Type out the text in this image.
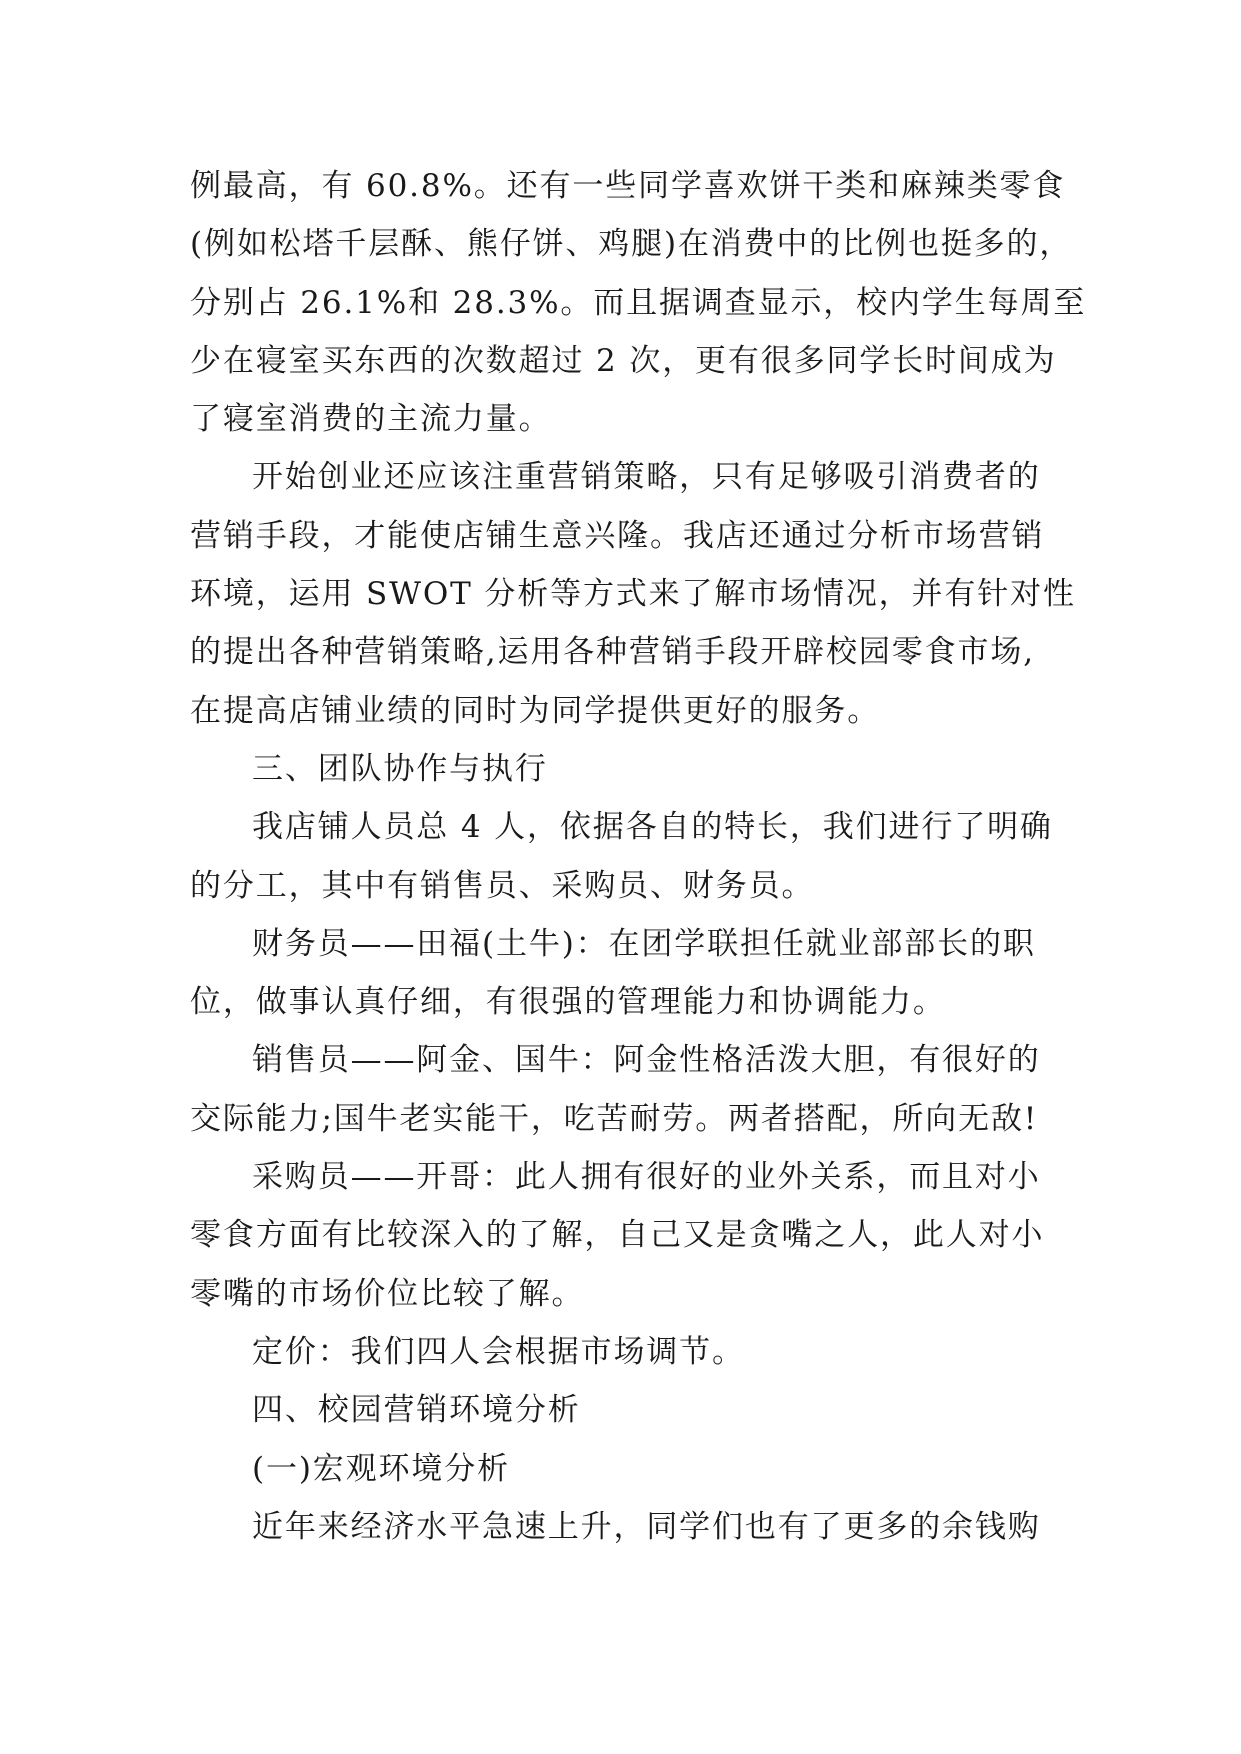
例最高，有 60.8%。还有一些同学喜欢饼干类和麻辣类零食
(例如松塔千层酥、熊仔饼、鸡腿)在消费中的比例也挺多的，
分别占 26.1%和 28.3%。而且据调查显示，校内学生每周至
少在寝室买东西的次数超过 2 次，更有很多同学长时间成为
了寝室消费的主流力量。
开始创业还应该注重营销策略，只有足够吸引消费者的
营销手段，才能使店铺生意兴隆。我店还通过分析市场营销
环境，运用 SWOT 分析等方式来了解市场情况，并有针对性
的提出各种营销策略,运用各种营销手段开辟校园零食市场,
在提高店铺业绩的同时为同学提供更好的服务。
三、团队协作与执行
我店铺人员总 4 人，依据各自的特长，我们进行了明确
的分工，其中有销售员、采购员、财务员。
财务员——田福(土牛)：在团学联担任就业部部长的职
位，做事认真仔细，有很强的管理能力和协调能力。
销售员——阿金、国牛：阿金性格活泼大胆，有很好的
交际能力;国牛老实能干，吃苦耐劳。两者搭配，所向无敌!
采购员——开哥：此人拥有很好的业外关系，而且对小
零食方面有比较深入的了解，自己又是贪嘴之人，此人对小
零嘴的市场价位比较了解。
定价：我们四人会根据市场调节。
四、校园营销环境分析
(一)宏观环境分析
近年来经济水平急速上升，同学们也有了更多的余钱购
